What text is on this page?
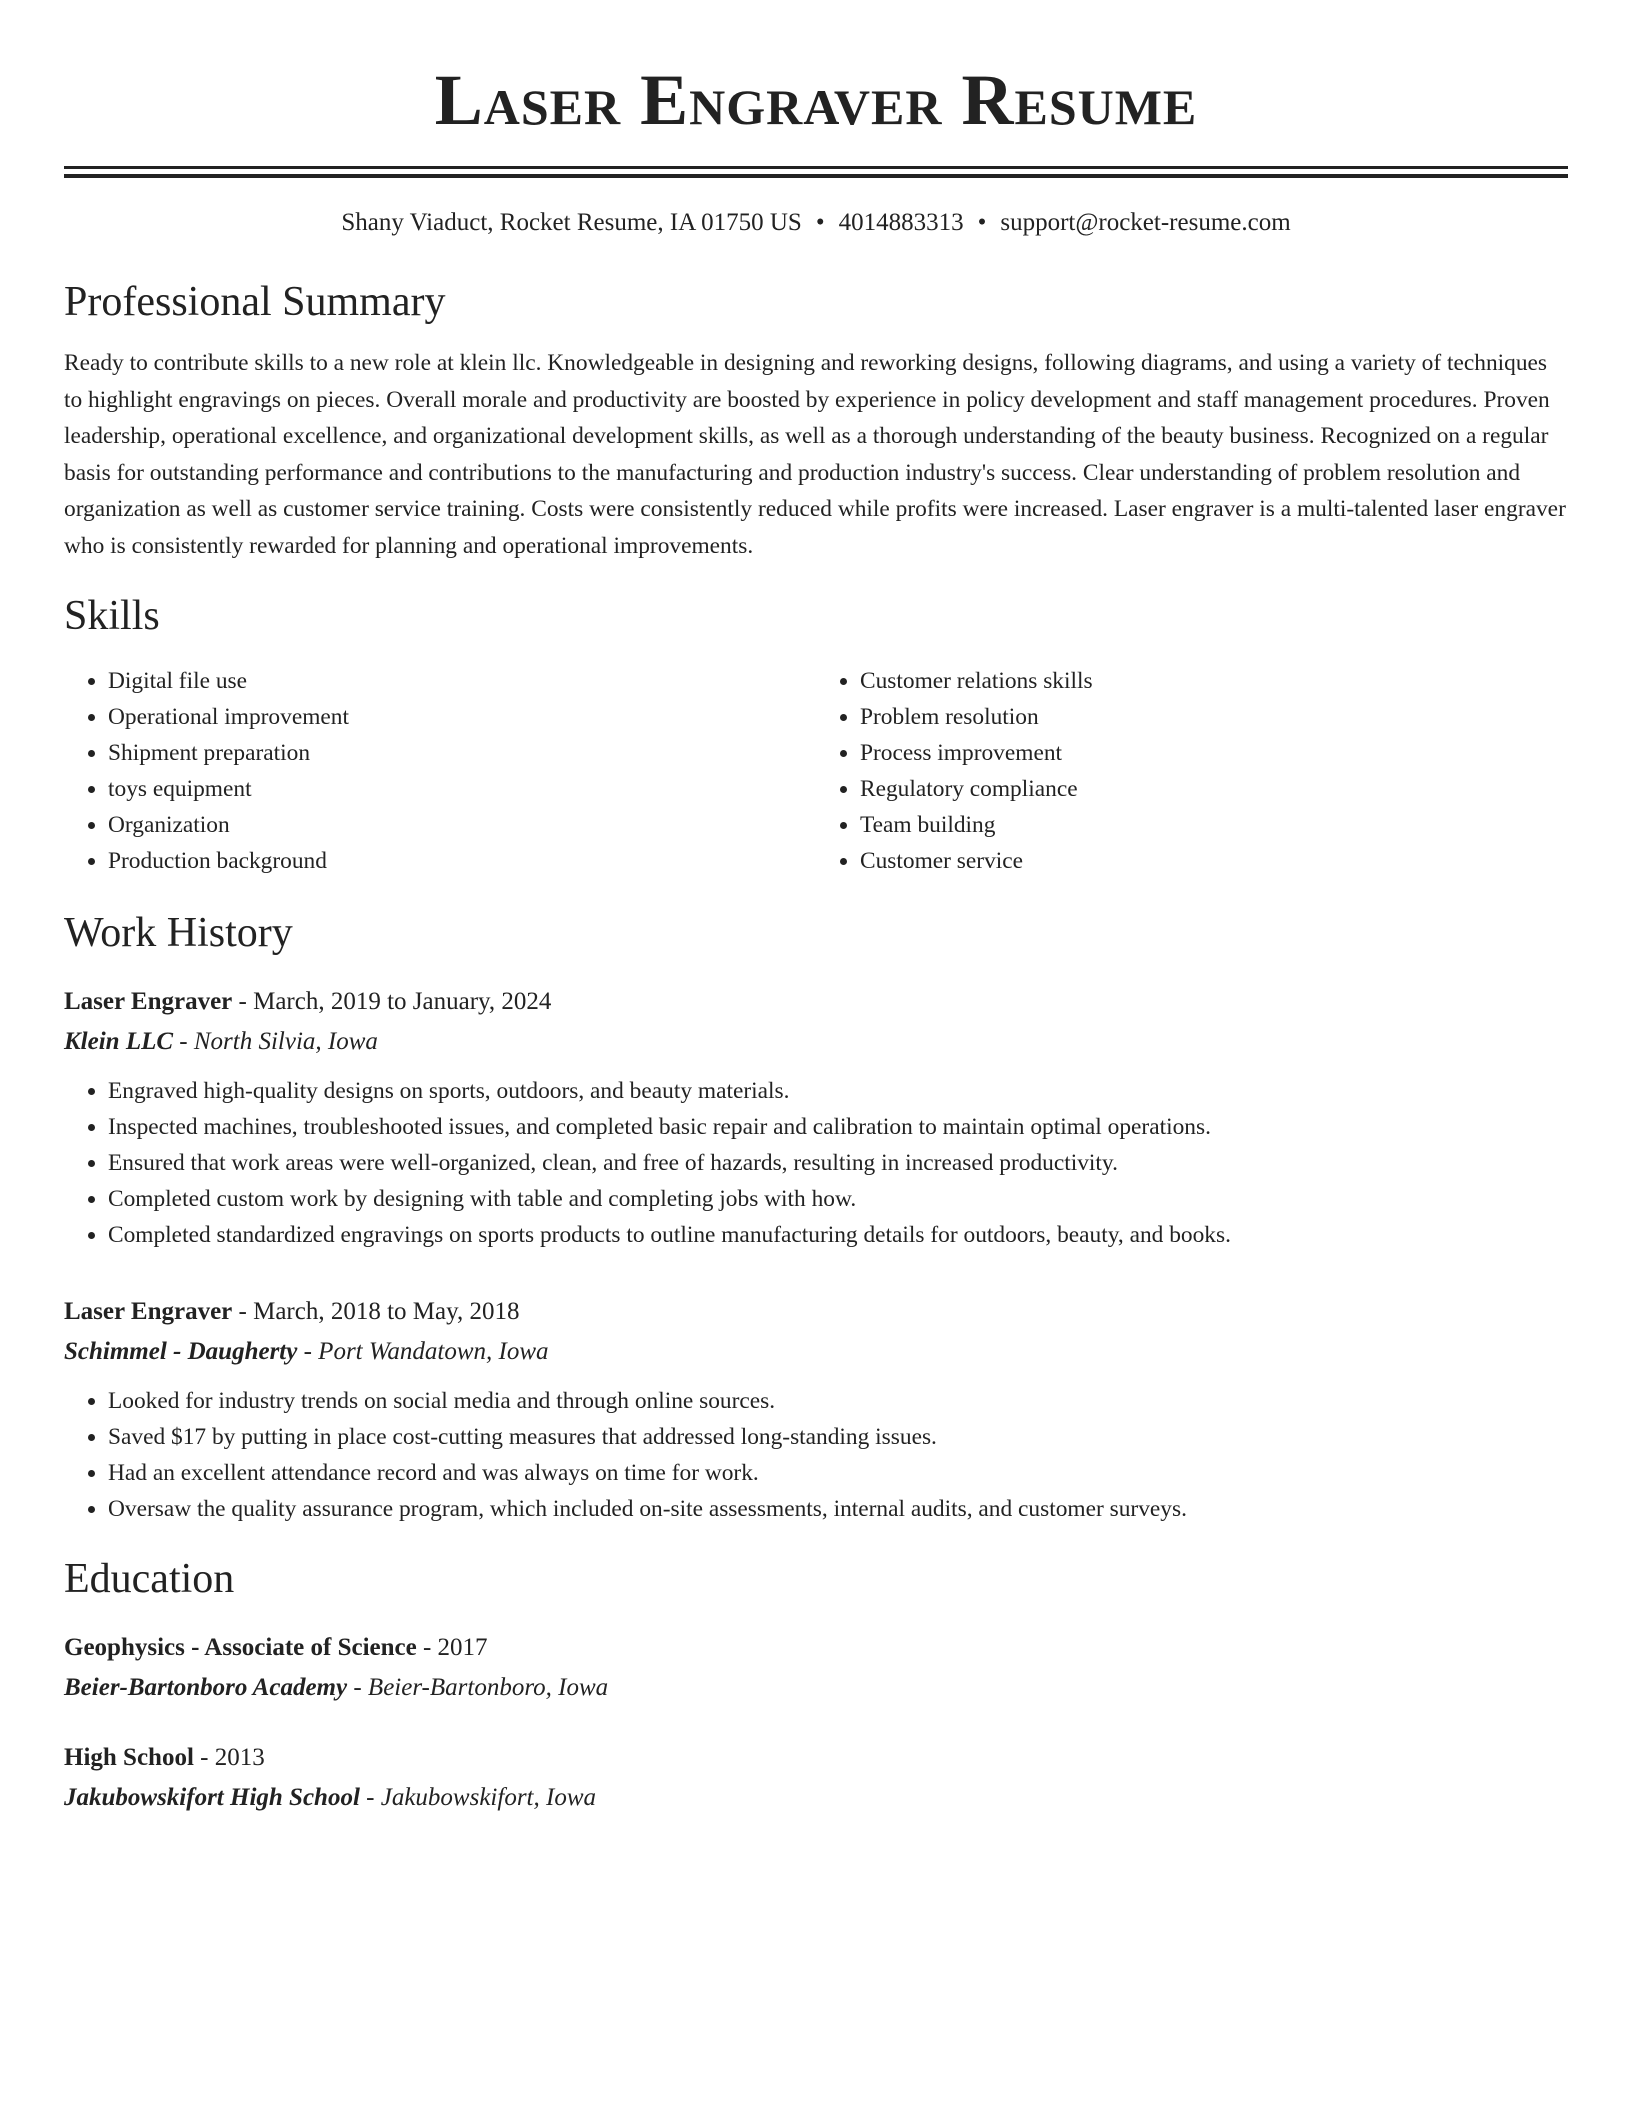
Laser Engraver Resume
Shany Viaduct, Rocket Resume, IA 01750 US • 4014883313 • support@rocket-resume.com
Professional Summary

Ready to contribute skills to a new role at klein llc. Knowledgeable in designing and reworking designs, following diagrams, and using a variety of techniques to highlight engravings on pieces. Overall morale and productivity are boosted by experience in policy development and staff management procedures. Proven leadership, operational excellence, and organizational development skills, as well as a thorough understanding of the beauty business. Recognized on a regular basis for outstanding performance and contributions to the manufacturing and production industry's success. Clear understanding of problem resolution and organization as well as customer service training. Costs were consistently reduced while profits were increased. Laser engraver is a multi-talented laser engraver who is consistently rewarded for planning and operational improvements.

Skills
• Digital file use
• Operational improvement
• Shipment preparation
• toys equipment
• Organization
• Production background
• Customer relations skills
• Problem resolution
• Process improvement
• Regulatory compliance
• Team building
• Customer service
Work History
Laser Engraver - March, 2019 to January, 2024
Klein LLC - North Silvia, Iowa
• Engraved high-quality designs on sports, outdoors, and beauty materials.
• Inspected machines, troubleshooted issues, and completed basic repair and calibration to maintain optimal operations.
• Ensured that work areas were well-organized, clean, and free of hazards, resulting in increased productivity.
• Completed custom work by designing with table and completing jobs with how.
• Completed standardized engravings on sports products to outline manufacturing details for outdoors, beauty, and books.
Laser Engraver - March, 2018 to May, 2018
Schimmel - Daugherty - Port Wandatown, Iowa
• Looked for industry trends on social media and through online sources.
• Saved $17 by putting in place cost-cutting measures that addressed long-standing issues.
• Had an excellent attendance record and was always on time for work.
• Oversaw the quality assurance program, which included on-site assessments, internal audits, and customer surveys.
Education
Geophysics - Associate of Science - 2017
Beier-Bartonboro Academy - Beier-Bartonboro, Iowa
High School - 2013
Jakubowskifort High School - Jakubowskifort, Iowa
